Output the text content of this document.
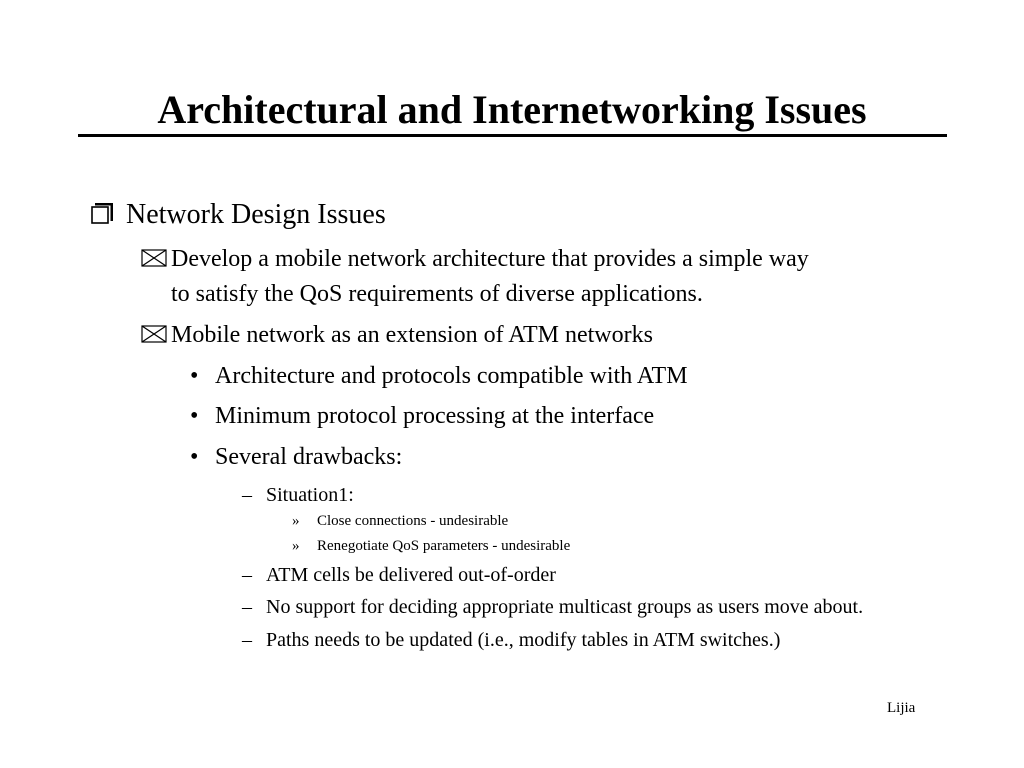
Architectural and Internetworking Issues
Network Design Issues
Develop a mobile network architecture that provides a simple way
to satisfy the QoS requirements of diverse applications.
Mobile network as an extension of ATM networks
• Architecture and protocols compatible with ATM
• Minimum protocol processing at the interface
• Several drawbacks:
– Situation1:
» Close connections - undesirable
» Renegotiate QoS parameters - undesirable
– ATM cells be delivered out-of-order
– No support for deciding appropriate multicast groups as users move about.
– Paths needs to be updated (i.e., modify tables in ATM switches.)
Lijia
